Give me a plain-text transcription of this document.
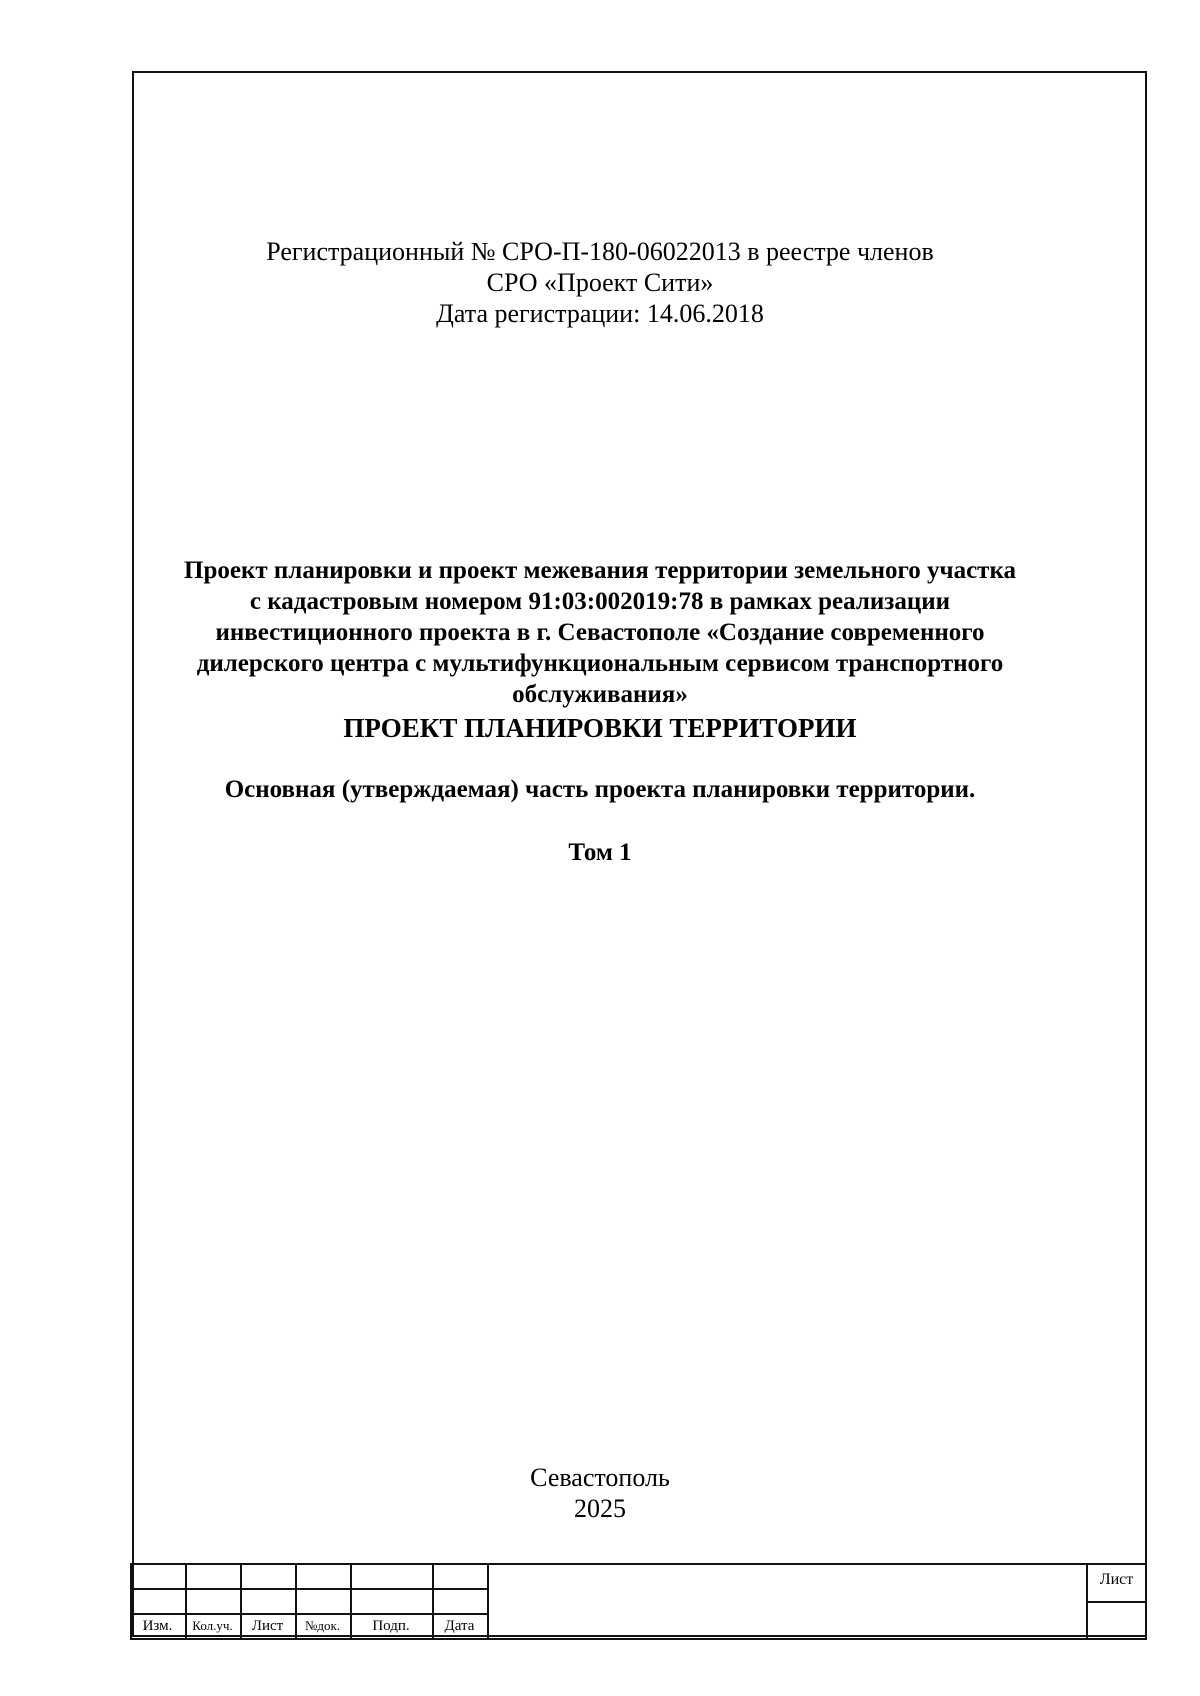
Регистрационный № СРО-П-180-06022013 в реестре членов
СРО «Проект Сити»
Дата регистрации: 14.06.2018
Проект планировки и проект межевания территории земельного участка
с кадастровым номером 91:03:002019:78 в рамках реализации
инвестиционного проекта в г. Севастополе «Создание современного
дилерского центра с мультифункциональным сервисом транспортного
обслуживания»
ПРОЕКТ ПЛАНИРОВКИ ТЕРРИТОРИИ
Основная (утверждаемая) часть проекта планировки территории.
Том 1
Севастополь
2025
Изм.	Кол.уч.	Лист	№док.	Подп.	Дата
Лист
